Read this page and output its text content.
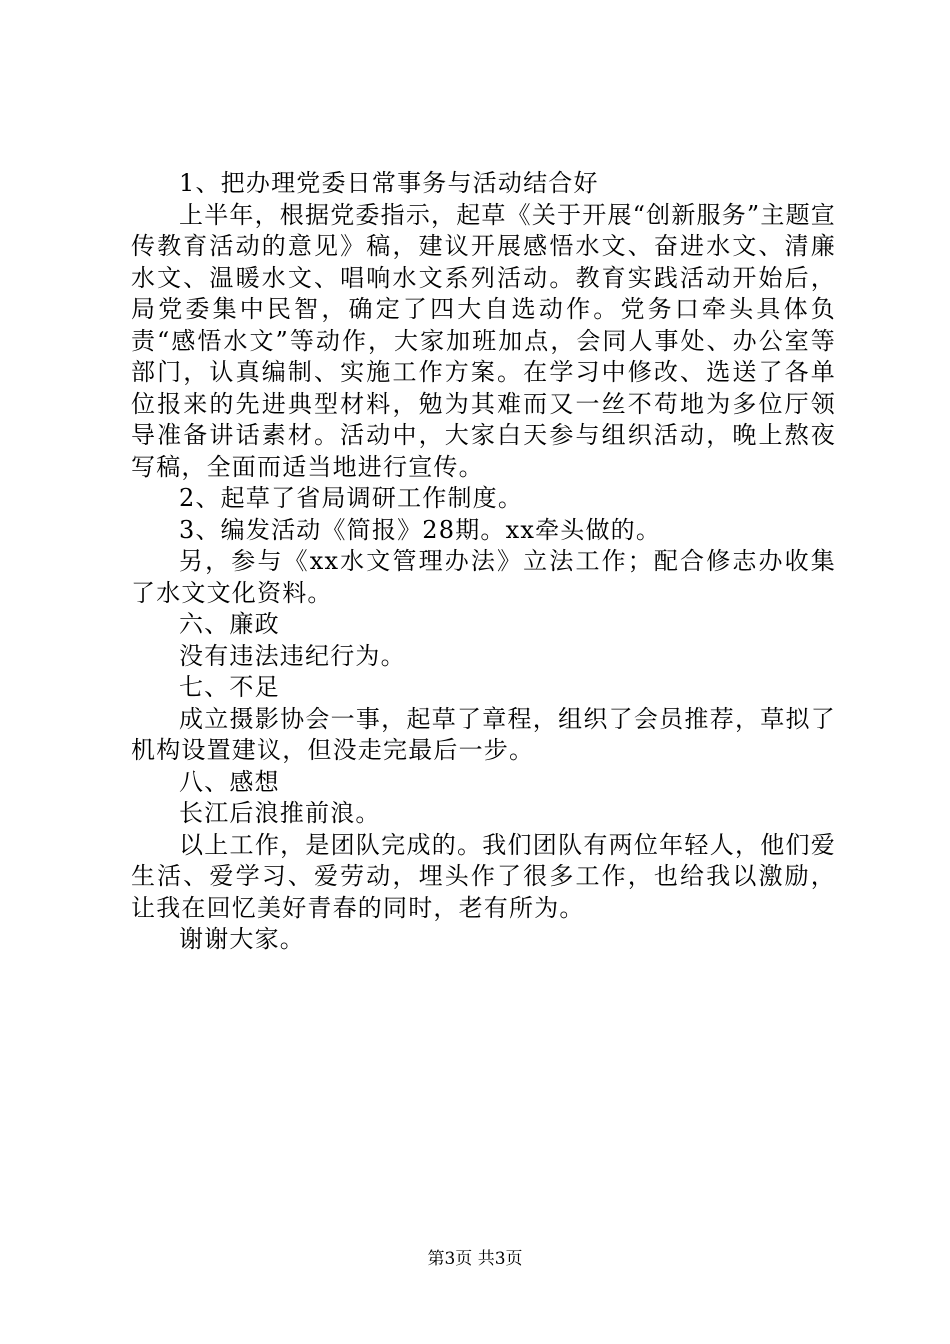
1、把办理党委日常事务与活动结合好

上半年，根据党委指示，起草《关于开展“创新服务”主题宣传教育活动的意见》稿，建议开展感悟水文、奋进水文、清廉水文、温暖水文、唱响水文系列活动。教育实践活动开始后，局党委集中民智，确定了四大自选动作。党务口牵头具体负责“感悟水文”等动作，大家加班加点，会同人事处、办公室等部门，认真编制、实施工作方案。在学习中修改、选送了各单位报来的先进典型材料，勉为其难而又一丝不苟地为多位厅领导准备讲话素材。活动中，大家白天参与组织活动，晚上熬夜写稿，全面而适当地进行宣传。

2、起草了省局调研工作制度。

3、编发活动《简报》28期。xx牵头做的。

另，参与《xx水文管理办法》立法工作；配合修志办收集了水文文化资料。

六、廉政

没有违法违纪行为。

七、不足

成立摄影协会一事，起草了章程，组织了会员推荐，草拟了机构设置建议，但没走完最后一步。

八、感想

长江后浪推前浪。

以上工作，是团队完成的。我们团队有两位年轻人，他们爱生活、爱学习、爱劳动，埋头作了很多工作，也给我以激励，让我在回忆美好青春的同时，老有所为。

谢谢大家。

第3页 共3页
